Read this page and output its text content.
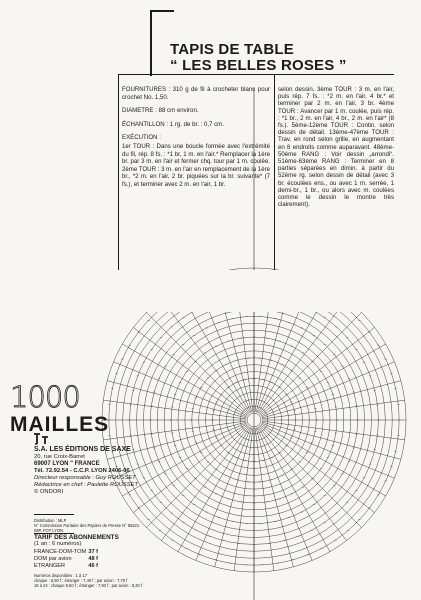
TAPIS DE TABLE
“ LES BELLES ROSES ”

FOURNITURES : 310 g de fil à crocheter blanc pour crochet No. 1,50.

DIAMETRE : 88 cm environ.

ÉCHANTILLON : 1 rg. de br. : 0,7 cm.

EXÉCUTION :

1er TOUR : Dans une boucle formée avec l'extrémité du fil, rép. 8 fs. : *1 br, 1 m. en l'air.* Remplacer la 1ère br. par 3 m. en l'air et fermer chq. tour par 1 m. coulée. 2ème TOUR : 3 m. en l'air en remplacement de la 1ère br., *2 m. en l'air, 2 br. piquées sur la br. suivante* (7 fs.), et terminer avec 2 m. en l'air, 1 br.

selon dessin. 3ème TOUR : 3 m. en l'air, puis rép. 7 fs. : *2 m. en l'air, 4 br.* et terminer par 2 m. en l'air, 3 br. 4ème TOUR : Avancer par 1 m. coulée, puis rép. : *1 br., 2 m. en l'air, 4 br., 2 m. en l'air* (8 fs.). 5ème-12ème TOUR : Contin. selon dessin de détail. 13ème-47ème TOUR : Trav. en rond selon grille, en augmentant en 8 endroits comme auparavant. 48ème-50ème RANG : Voir dessin „arrondi“. 51ème-63ème RANG : Terminer en 8 parties séparées en dimin. à partir du 52ème rg. selon dessin de détail (avec 3 br. écoulées ens., ou avec 1 m. serrée, 1 demi-br., 1 br., ou alors avec m. coulées comme le dessin le montre très clairement).

1000
MAILLES
S.A. LES ÉDITIONS DE SAXE
20, rue Croix-Barret
69007 LYON " FRANCE
Tél. 72.92.54 - C.C.P. LYON 2406-06
Directeur responsable : Guy ROUSSET
Rédactrice en chef : Paulette ROUSSET
© ONDORI
Distribution : MLP
N° Commission Paritaire des Papiers de Presse N° 58221
IMP. FOT LYON
TARIF DES ABONNEMENTS
(1 an : 6 numéros)
FRANCE-DOM-TOM 37 f
DOM par avion	48 f
ETRANGER	46 f
Numéros disponibles : 1 à 17
chaque : 6,50 f ; étranger : 7,40 f ; par avion : 7,70 f
18 à 24 : chaque 8,50 f ; étranger : 7,90 f ; par avion : 8,20 f
